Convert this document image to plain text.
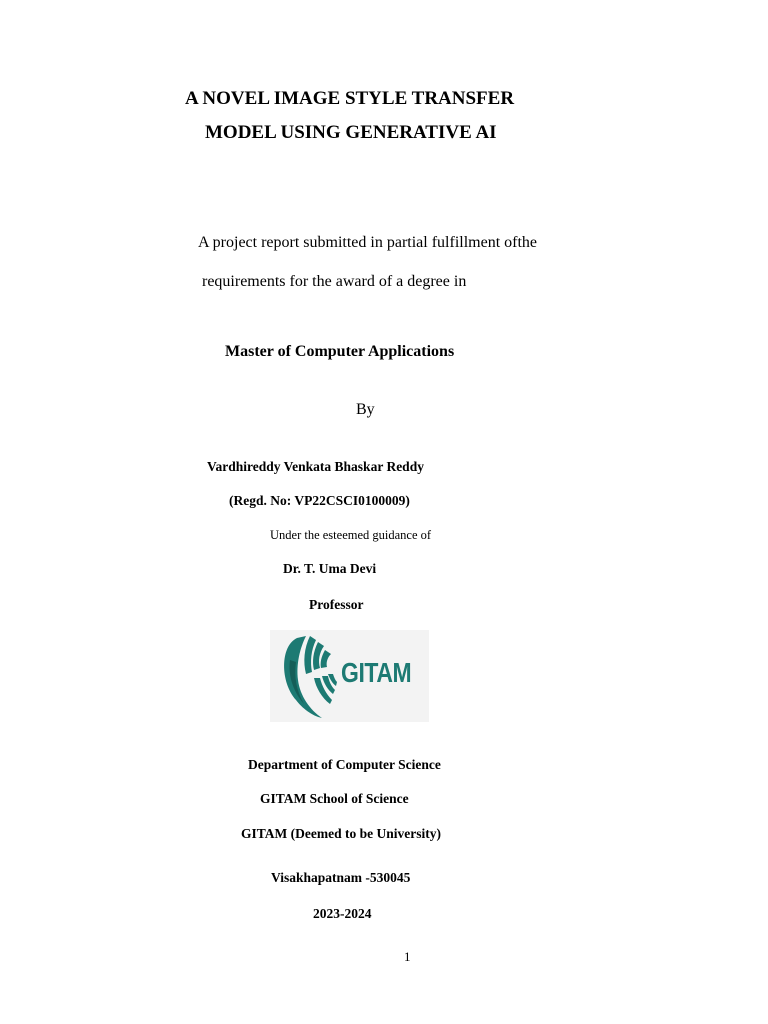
A NOVEL IMAGE STYLE TRANSFER
MODEL USING GENERATIVE AI
A project report submitted in partial fulfillment ofthe
requirements for the award of a degree in
Master of Computer Applications
By
Vardhireddy Venkata Bhaskar Reddy
(Regd. No: VP22CSCI0100009)
Under the esteemed guidance of
Dr. T. Uma Devi
Professor
GITAM
Department of Computer Science
GITAM School of Science
GITAM (Deemed to be University)
Visakhapatnam -530045
2023-2024
1
